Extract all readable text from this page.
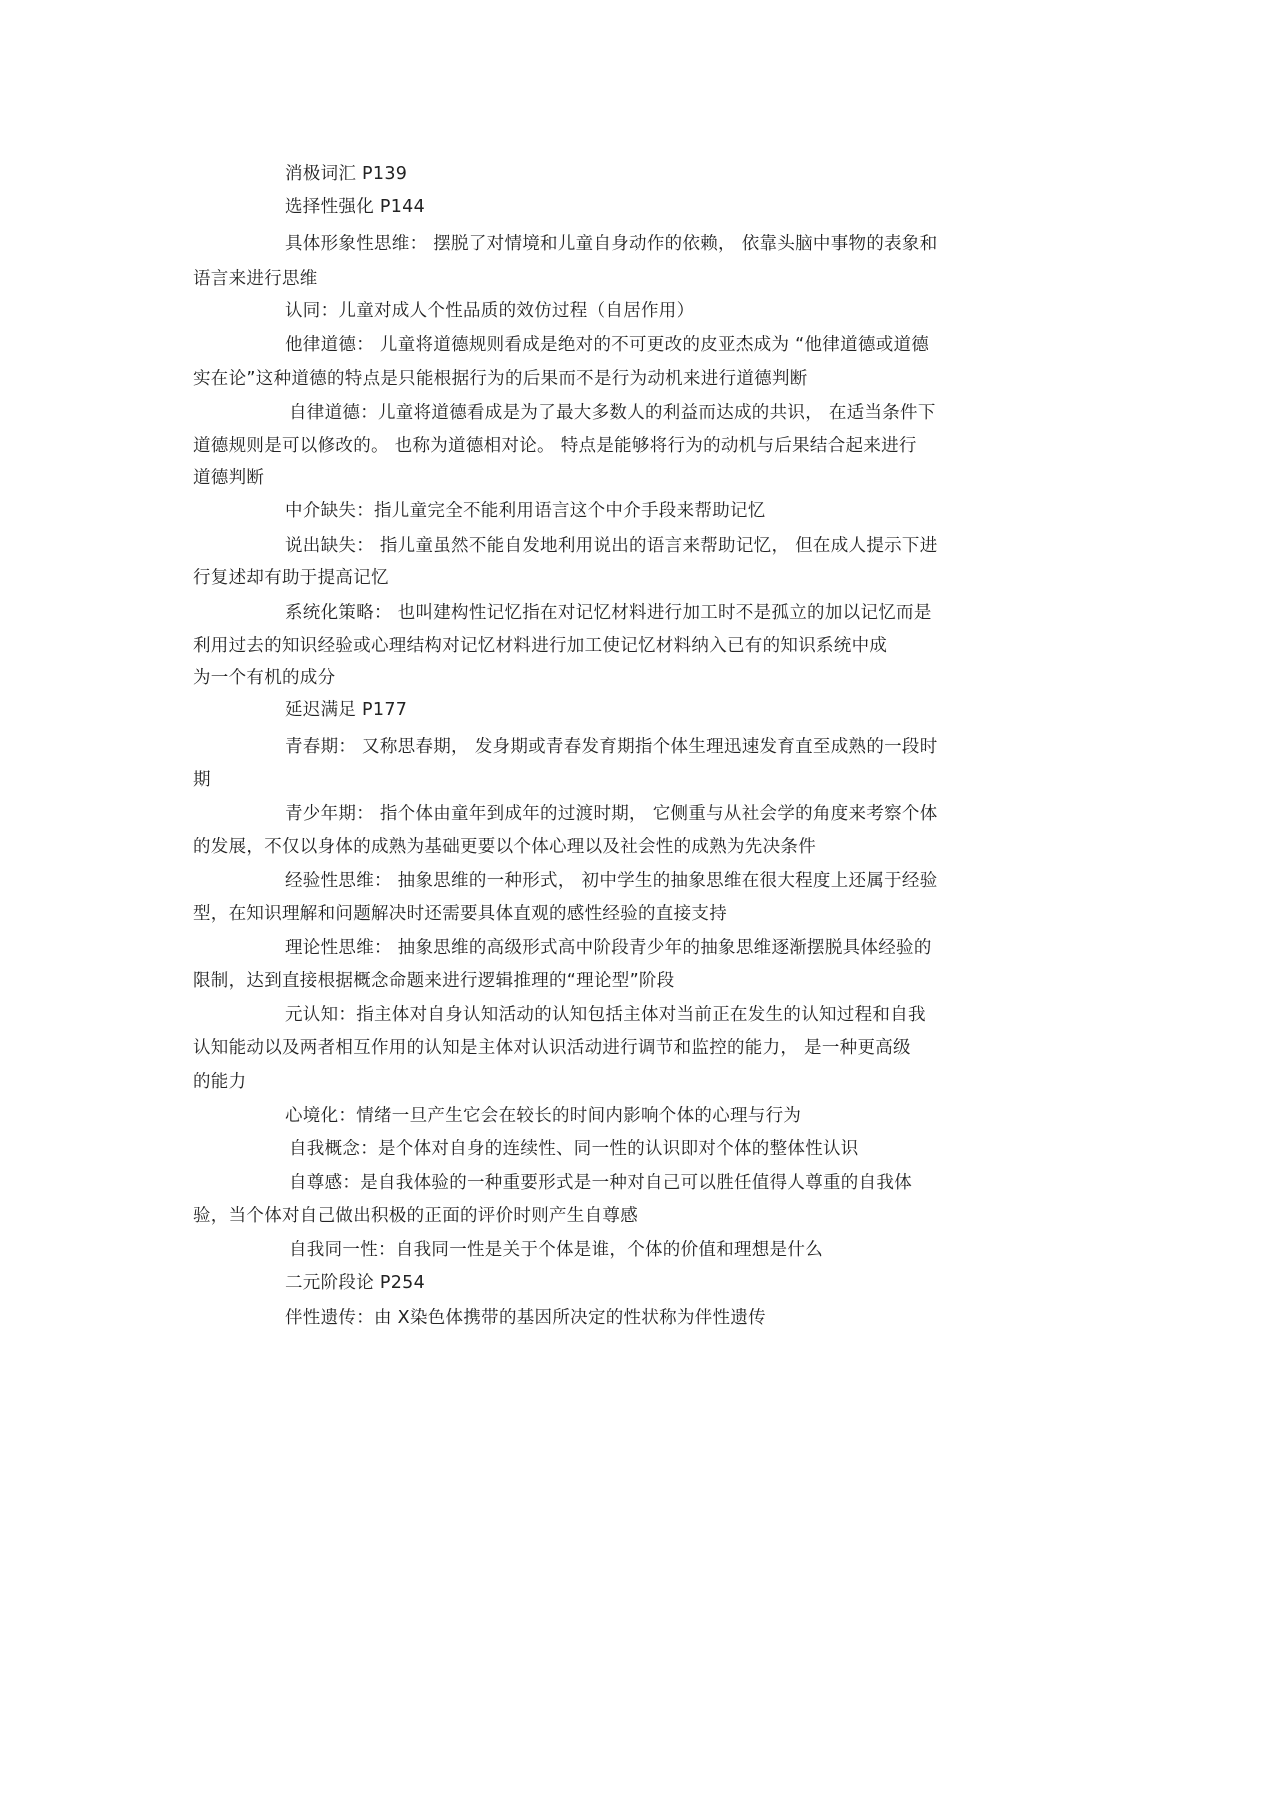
消极词汇 P139
选择性强化 P144
具体形象性思维： 摆脱了对情境和儿童自身动作的依赖， 依靠头脑中事物的表象和
语言来进行思维
认同：儿童对成人个性品质的效仿过程（自居作用）
他律道德： 儿童将道德规则看成是绝对的不可更改的皮亚杰成为 “他律道德或道德
实在论”这种道德的特点是只能根据行为的后果而不是行为动机来进行道德判断
自律道德：儿童将道德看成是为了最大多数人的利益而达成的共识， 在适当条件下
道德规则是可以修改的。 也称为道德相对论。 特点是能够将行为的动机与后果结合起来进行
道德判断
中介缺失：指儿童完全不能利用语言这个中介手段来帮助记忆
说出缺失： 指儿童虽然不能自发地利用说出的语言来帮助记忆， 但在成人提示下进
行复述却有助于提高记忆
系统化策略： 也叫建构性记忆指在对记忆材料进行加工时不是孤立的加以记忆而是
利用过去的知识经验或心理结构对记忆材料进行加工使记忆材料纳入已有的知识系统中成
为一个有机的成分
延迟满足 P177
青春期： 又称思春期， 发身期或青春发育期指个体生理迅速发育直至成熟的一段时
期
青少年期： 指个体由童年到成年的过渡时期， 它侧重与从社会学的角度来考察个体
的发展，不仅以身体的成熟为基础更要以个体心理以及社会性的成熟为先决条件
经验性思维： 抽象思维的一种形式， 初中学生的抽象思维在很大程度上还属于经验
型，在知识理解和问题解决时还需要具体直观的感性经验的直接支持
理论性思维： 抽象思维的高级形式高中阶段青少年的抽象思维逐渐摆脱具体经验的
限制，达到直接根据概念命题来进行逻辑推理的“理论型”阶段
元认知：指主体对自身认知活动的认知包括主体对当前正在发生的认知过程和自我
认知能动以及两者相互作用的认知是主体对认识活动进行调节和监控的能力， 是一种更高级
的能力
心境化：情绪一旦产生它会在较长的时间内影响个体的心理与行为
自我概念：是个体对自身的连续性、同一性的认识即对个体的整体性认识
自尊感：是自我体验的一种重要形式是一种对自己可以胜任值得人尊重的自我体
验，当个体对自己做出积极的正面的评价时则产生自尊感
自我同一性：自我同一性是关于个体是谁，个体的价值和理想是什么
二元阶段论 P254
伴性遗传：由 X染色体携带的基因所决定的性状称为伴性遗传
